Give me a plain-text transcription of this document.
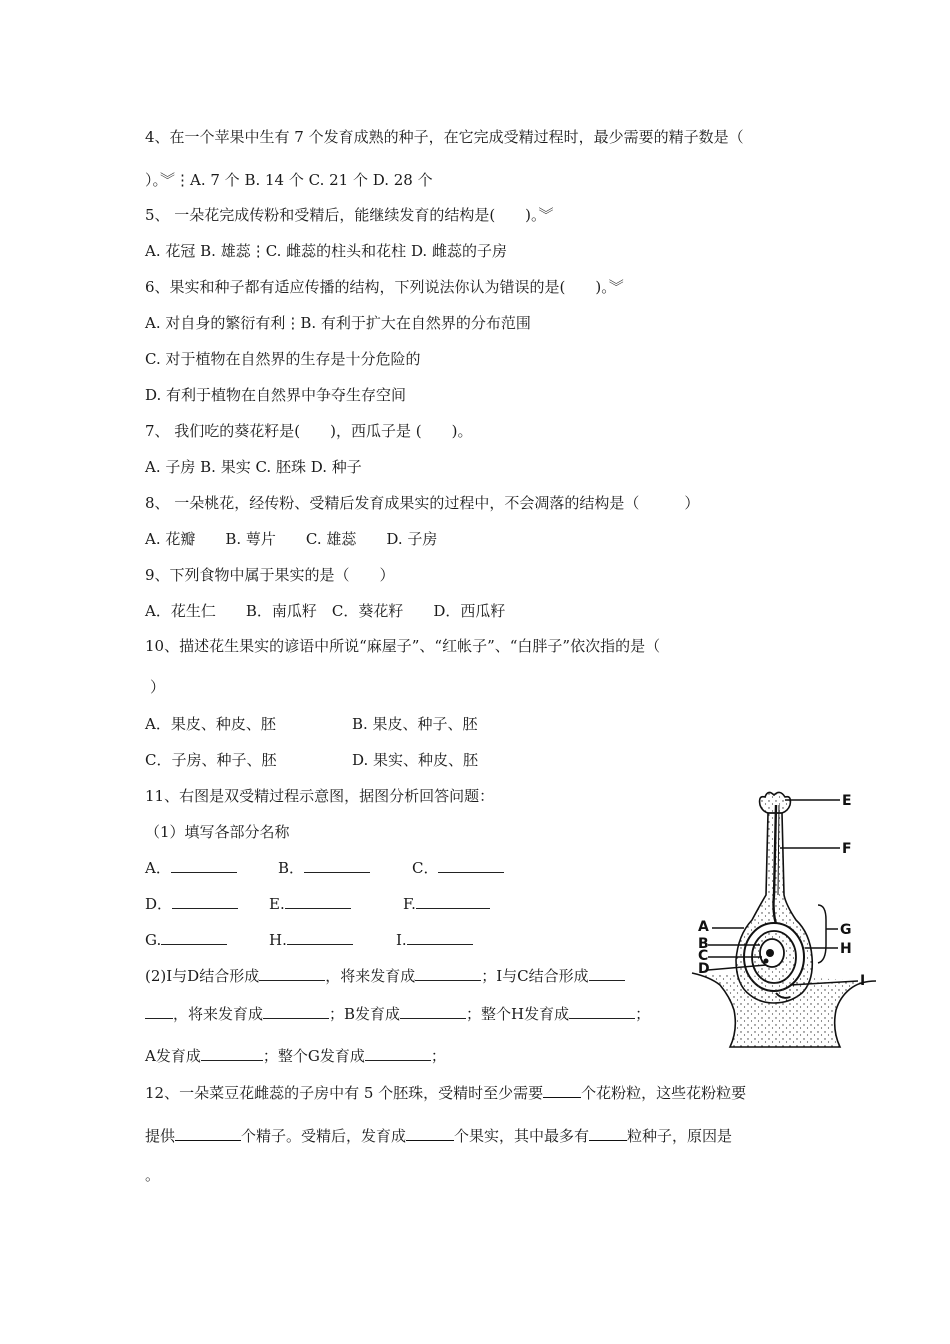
4、在一个苹果中生有 7 个发育成熟的种子，在它完成受精过程时，最少需要的精子数是（
）。︾⋮A. 7 个 B. 14 个 C. 21 个 D. 28 个
5、 一朵花完成传粉和受精后，能继续发育的结构是(　　)。︾
A. 花冠 B. 雄蕊⋮C. 雌蕊的柱头和花柱 D. 雌蕊的子房
6、果实和种子都有适应传播的结构，下列说法你认为错误的是(　　)。︾
A. 对自身的繁衍有利⋮B. 有利于扩大在自然界的分布范围
C. 对于植物在自然界的生存是十分危险的
D. 有利于植物在自然界中争夺生存空间
7、 我们吃的葵花籽是(　　)，西瓜子是 (　　)。
A. 子房 B. 果实 C. 胚珠 D. 种子
8、 一朵桃花，经传粉、受精后发育成果实的过程中，不会凋落的结构是（　　　）
A. 花瓣　　B. 萼片　　C. 雄蕊　　D. 子房
9、下列食物中属于果实的是（　　）
A．花生仁　　B．南瓜籽　C．葵花籽　　D．西瓜籽
10、描述花生果实的谚语中所说“麻屋子”、“红帐子”、“白胖子”依次指的是（
）
A．果皮、种皮、胚	B. 果皮、种子、胚
C．子房、种子、胚	D. 果实、种皮、胚
11、右图是双受精过程示意图，据图分析回答问题：
（1）填写各部分名称
A．	B．	C．
D．	E.	F.
G.	H.	I.
(2)I与D结合形成	，将来发育成	；I与C结合形成
，将来发育成	；B发育成	；整个H发育成	；
A发育成	；整个G发育成	；
12、一朵菜豆花雌蕊的子房中有 5 个胚珠，受精时至少需要	个花粉粒，这些花粉粒要
提供	个精子。受精后，发育成	个果实，其中最多有	粒种子，原因是
。
E
F
A
B
C
D
G
H
I
